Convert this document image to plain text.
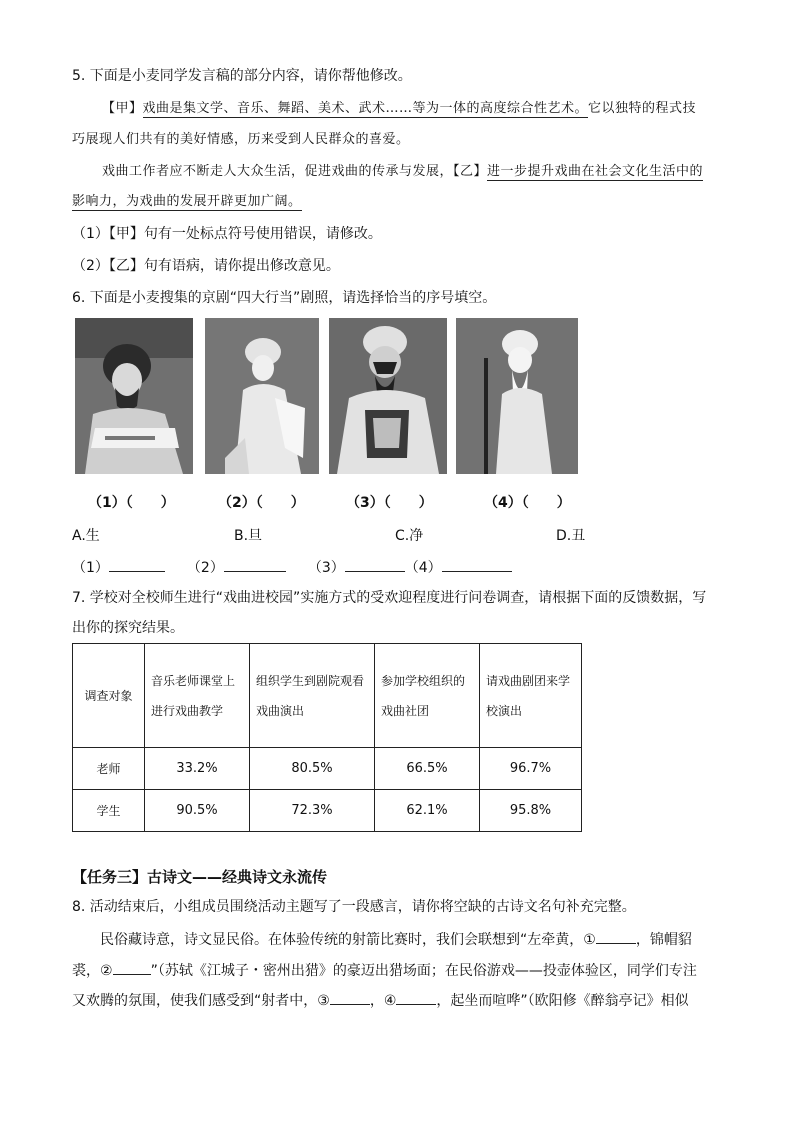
5. 下面是小麦同学发言稿的部分内容，请你帮他修改。
【甲】戏曲是集文学、音乐、舞蹈、美术、武术……等为一体的高度综合性艺术。它以独特的程式技
巧展现人们共有的美好情感，历来受到人民群众的喜爱。
戏曲工作者应不断走人大众生活，促进戏曲的传承与发展，【乙】进一步提升戏曲在社会文化生活中的
影响力，为戏曲的发展开辟更加广阔。
（1）【甲】句有一处标点符号使用错误，请修改。
（2）【乙】句有语病，请你提出修改意见。
6. 下面是小麦搜集的京剧“四大行当”剧照，请选择恰当的序号填空。
（1）（　　）	（2）（　　）	（3）（　　）	（4）（　　）
A.生	B.旦	C.净	D.丑
（1）	（2）	（3）	（4）
7. 学校对全校师生进行“戏曲进校园”实施方式的受欢迎程度进行问卷调查，请根据下面的反馈数据，写
出你的探究结果。
调查对象	音乐老师课堂上进行戏曲教学	组织学生到剧院观看戏曲演出	参加学校组织的戏曲社团	请戏曲剧团来学校演出
老师	33.2%	80.5%	66.5%	96.7%
学生	90.5%	72.3%	62.1%	95.8%
【任务三】古诗文——经典诗文永流传
8. 活动结束后，小组成员围绕活动主题写了一段感言，请你将空缺的古诗文名句补充完整。
民俗藏诗意，诗文显民俗。在体验传统的射箭比赛时，我们会联想到“左牵黄，①	，锦帽貂
裘，②	”（苏轼《江城子・密州出猎》的豪迈出猎场面；在民俗游戏——投壶体验区，同学们专注
又欢腾的氛围，使我们感受到“射者中，③	，④	，起坐而喧哗”（欧阳修《醉翁亭记》相似
